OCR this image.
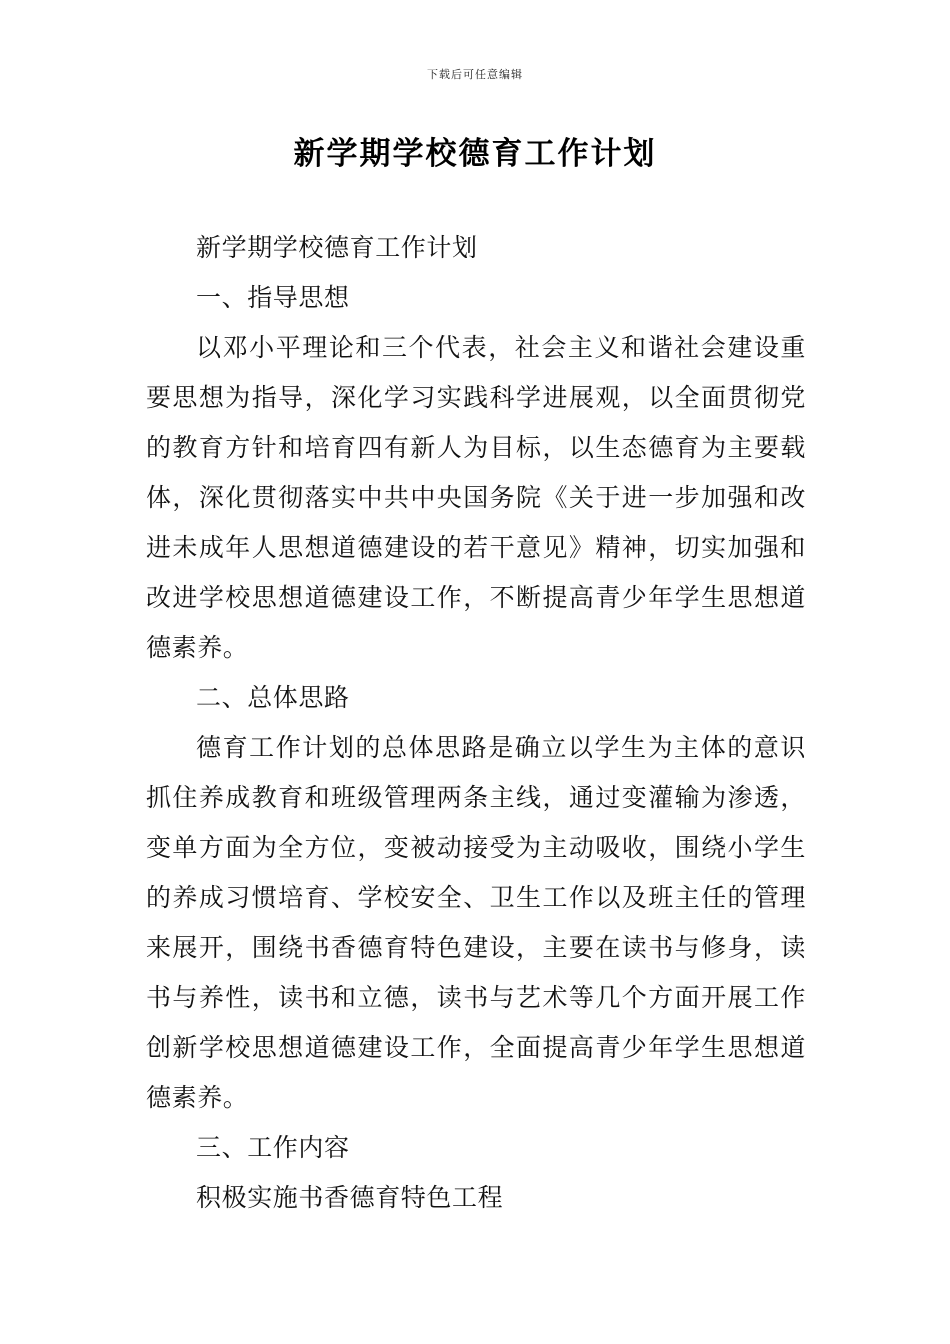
下载后可任意编辑
新学期学校德育工作计划

新学期学校德育工作计划

一、指导思想

以邓小平理论和三个代表，社会主义和谐社会建设重要思想为指导，深化学习实践科学进展观，以全面贯彻党的教育方针和培育四有新人为目标，以生态德育为主要载体，深化贯彻落实中共中央国务院《关于进一步加强和改进未成年人思想道德建设的若干意见》精神，切实加强和改进学校思想道德建设工作，不断提高青少年学生思想道德素养。

二、总体思路

德育工作计划的总体思路是确立以学生为主体的意识抓住养成教育和班级管理两条主线，通过变灌输为渗透，变单方面为全方位，变被动接受为主动吸收，围绕小学生的养成习惯培育、学校安全、卫生工作以及班主任的管理来展开，围绕书香德育特色建设，主要在读书与修身，读书与养性，读书和立德，读书与艺术等几个方面开展工作创新学校思想道德建设工作，全面提高青少年学生思想道德素养。

三、工作内容

积极实施书香德育特色工程
